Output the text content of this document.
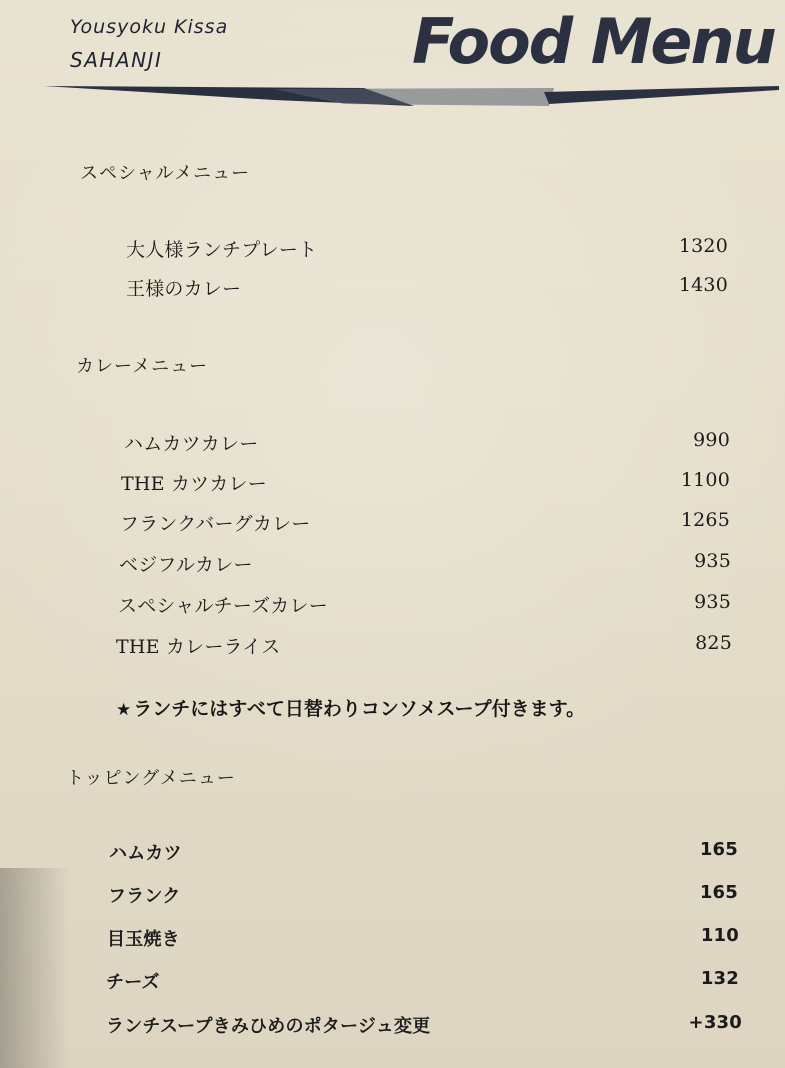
Yousyoku Kissa
SAHANJI	Food Menu
スペシャルメニュー
大人様ランチプレート	1320
王様のカレー	1430
カレーメニュー
ハムカツカレー	990
THE カツカレー	1100
フランクバーグカレー	1265
ベジフルカレー	935
スペシャルチーズカレー	935
THE カレーライス	825
★ ランチにはすべて日替わりコンソメスープ付きます。
トッピングメニュー
ハムカツ	165
フランク	165
目玉焼き	110
チーズ	132
ランチスープきみひめのポタージュ変更	+330
